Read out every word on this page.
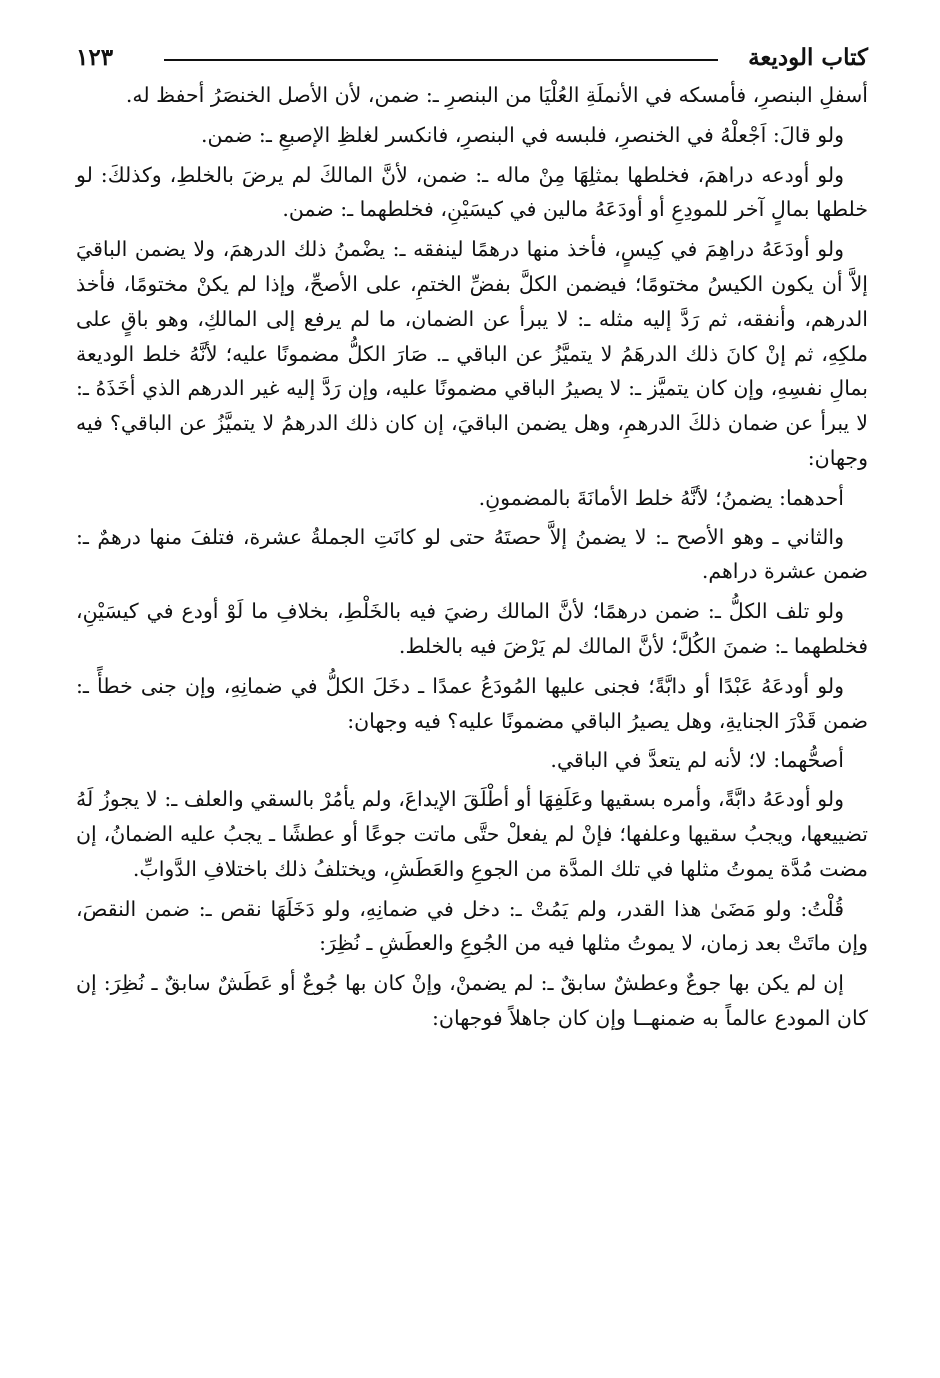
كتاب الوديعة
١٢٣

أسفلِ البنصرِ، فأمسكه في الأنملَةِ العُلْيَا من البنصرِ ـ: ضمن، لأن الأصل الخنصَرُ أحفظ له.

ولو قالَ: اَجْعلْهُ في الخنصرِ، فلبسه في البنصرِ، فانكسر لغلظِ الإصبعِ ـ: ضمن.

ولو أودعه دراهمَ، فخلطها بمثلِهَا مِنْ ماله ـ: ضمن، لأنَّ المالكَ لم يرضَ بالخلطِ، وكذلكَ: لو خلطها بمالٍ آخر للمودِعِ أو أودَعَهُ مالين في كيسَيْنِ، فخلطهما ـ: ضمن.

ولو أودَعَهُ دراهِمَ في كِيسٍ، فأخذ منها درهمًا لينفقه ـ: يضْمنُ ذلك الدرهمَ، ولا يضمن الباقيَ إلاَّ أن يكون الكيسُ مختومًا؛ فيضمن الكلَّ بفضِّ الختمِ، على الأصحِّ، وإذا لم يكنْ مختومًا، فأخذ الدرهم، وأنفقه، ثم رَدَّ إليه مثله ـ: لا يبرأ عن الضمان، ما لم يرفع إلى المالكِ، وهو باقٍ على ملكِهِ، ثم إنْ كانَ ذلك الدرهَمُ لا يتميَّزُ عن الباقي ـ. صَارَ الكلُّ مضمونًا عليه؛ لأنَّهُ خلط الوديعة بمالِ نفسِهِ، وإن كان يتميَّز ـ: لا يصيرُ الباقي مضمونًا عليه، وإن رَدَّ إليه غير الدرهم الذي أخَذَهُ ـ: لا يبرأ عن ضمان ذلكَ الدرهمِ، وهل يضمن الباقيَ، إن كان ذلك الدرهمُ لا يتميَّزُ عن الباقي؟ فيه وجهان:

أحدهما: يضمنُ؛ لأنَّهُ خلط الأمانَةَ بالمضمونِ.

والثاني ـ وهو الأصح ـ: لا يضمنُ إلاَّ حصتَهُ حتى لو كانَتِ الجملةُ عشرة، فتلفَ منها درهمٌ ـ: ضمن عشرة دراهم.

ولو تلف الكلُّ ـ: ضمن درهمًا؛ لأنَّ المالك رضيَ فيه بالخَلْطِ، بخلافِ ما لَوْ أودع في كيسَيْنِ، فخلطهما ـ: ضمنَ الكُلَّ؛ لأنَّ المالك لم يَرْضَ فيه بالخلط.

ولو أودعَهُ عَبْدًا أو دابَّةً؛ فجنى عليها المُودَعُ عمدًا ـ دخَلَ الكلُّ في ضمانِهِ، وإن جنى خطأً ـ: ضمن قَدْرَ الجنايةِ، وهل يصيرُ الباقي مضمونًا عليه؟ فيه وجهان:

أصحُّهما: لا؛ لأنه لم يتعدَّ في الباقي.

ولو أودعَهُ دابَّةً، وأمره بسقيها وعَلَفِهَا أو أطْلَقَ الإيداعَ، ولم يأمُرْ بالسقي والعلف ـ: لا يجوزُ لَهُ تضييعها، ويجبُ سقيها وعلفها؛ فإنْ لم يفعلْ حتَّى ماتت جوعًا أو عطشًا ـ يجبُ عليه الضمانُ، إن مضت مُدَّة يموتُ مثلها في تلك المدَّة من الجوعِ والعَطَشِ، ويختلفُ ذلك باختلافِ الدَّوابِّ.

قُلْتُ: ولو مَضَىٰ هذا القدر، ولم يَمُتْ ـ: دخل في ضمانِهِ، ولو دَخَلَهَا نقص ـ: ضمن النقصَ، وإن ماتَتْ بعد زمان، لا يموتُ مثلها فيه من الجُوعِ والعطَشِ ـ نُظِرَ:

إن لم يكن بها جوعٌ وعطشٌ سابقٌ ـ: لم يضمنْ، وإنْ كان بها جُوعٌ أو عَطَشٌ سابقٌ ـ نُظِرَ: إن كان المودع عالماً به ضمنهــا وإن كان جاهلاً فوجهان:
